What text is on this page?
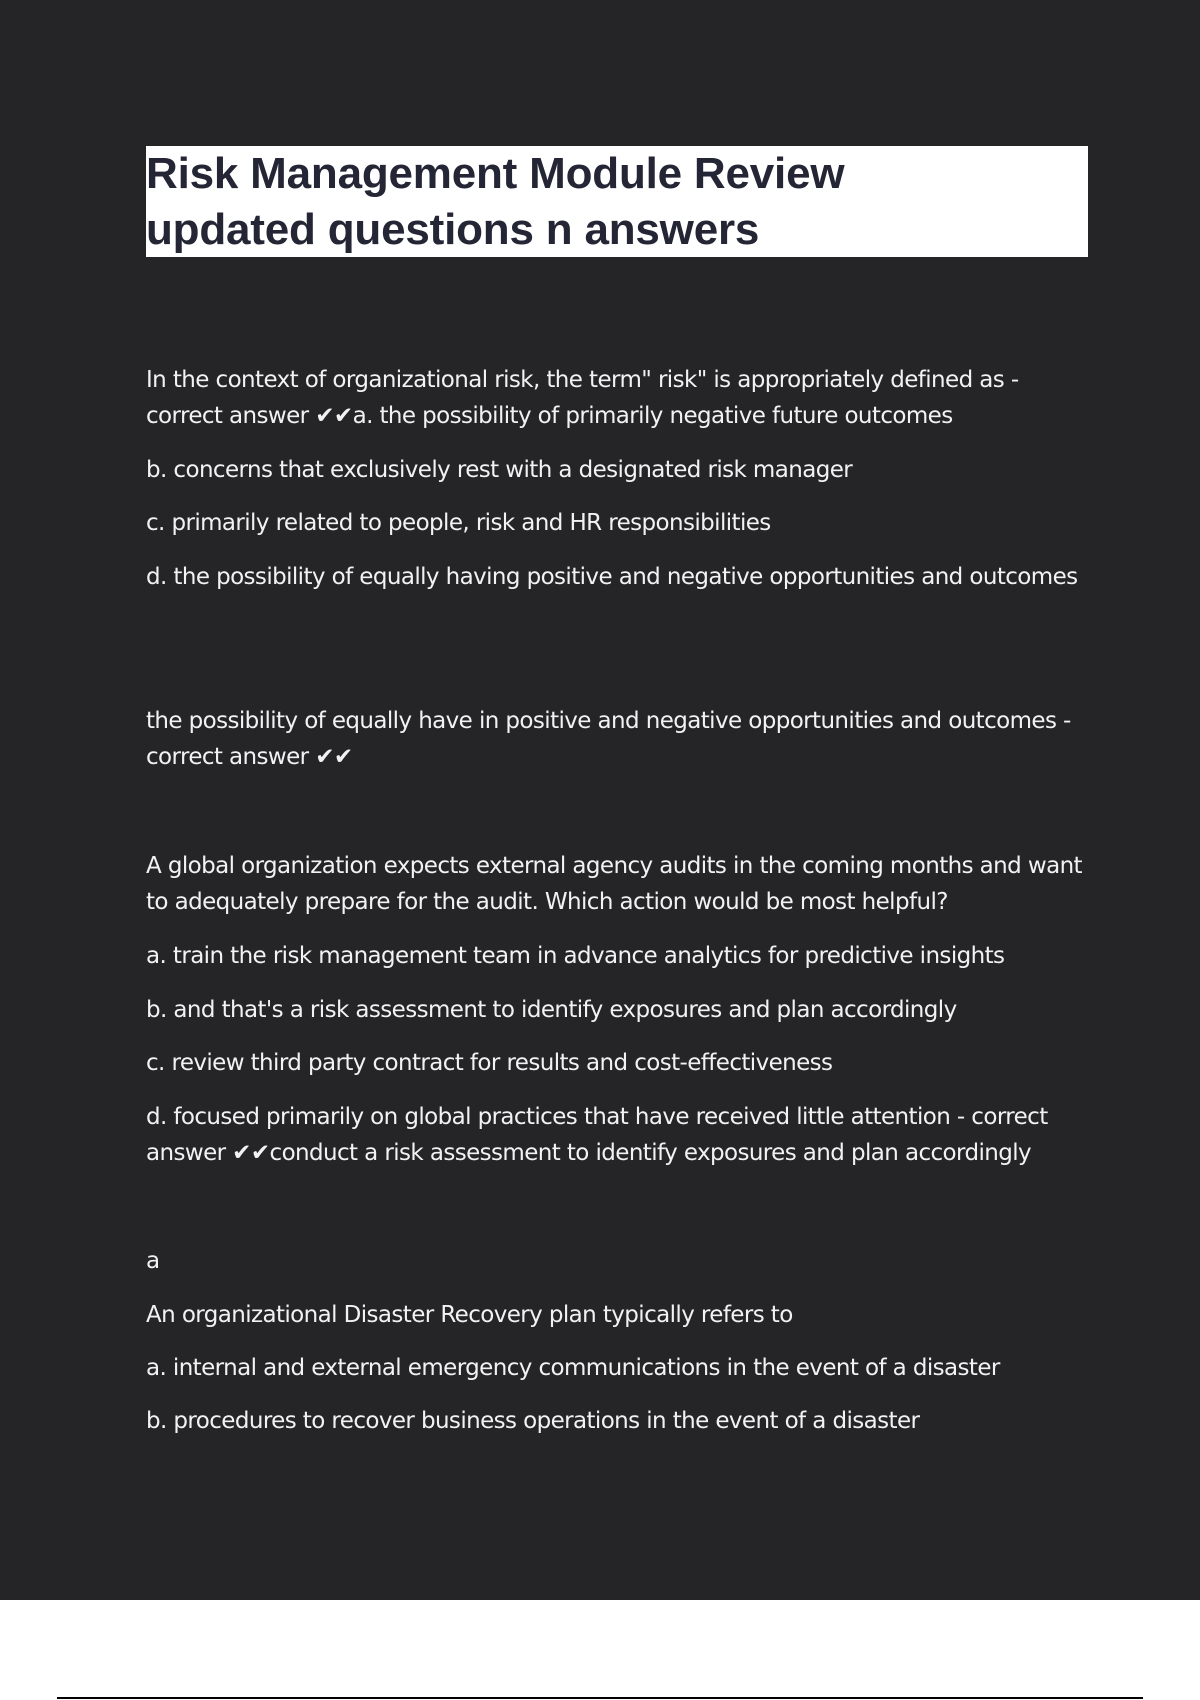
Risk Management Module Review
updated questions n answers

In the context of organizational risk, the term" risk" is appropriately defined as - correct answer ✔✔a. the possibility of primarily negative future outcomes

b. concerns that exclusively rest with a designated risk manager

c. primarily related to people, risk and HR responsibilities

d. the possibility of equally having positive and negative opportunities and outcomes

the possibility of equally have in positive and negative opportunities and outcomes - correct answer ✔✔

A global organization expects external agency audits in the coming months and want to adequately prepare for the audit. Which action would be most helpful?

a. train the risk management team in advance analytics for predictive insights

b. and that's a risk assessment to identify exposures and plan accordingly

c. review third party contract for results and cost-effectiveness

d. focused primarily on global practices that have received little attention - correct answer ✔✔conduct a risk assessment to identify exposures and plan accordingly

a

An organizational Disaster Recovery plan typically refers to

a. internal and external emergency communications in the event of a disaster

b. procedures to recover business operations in the event of a disaster
